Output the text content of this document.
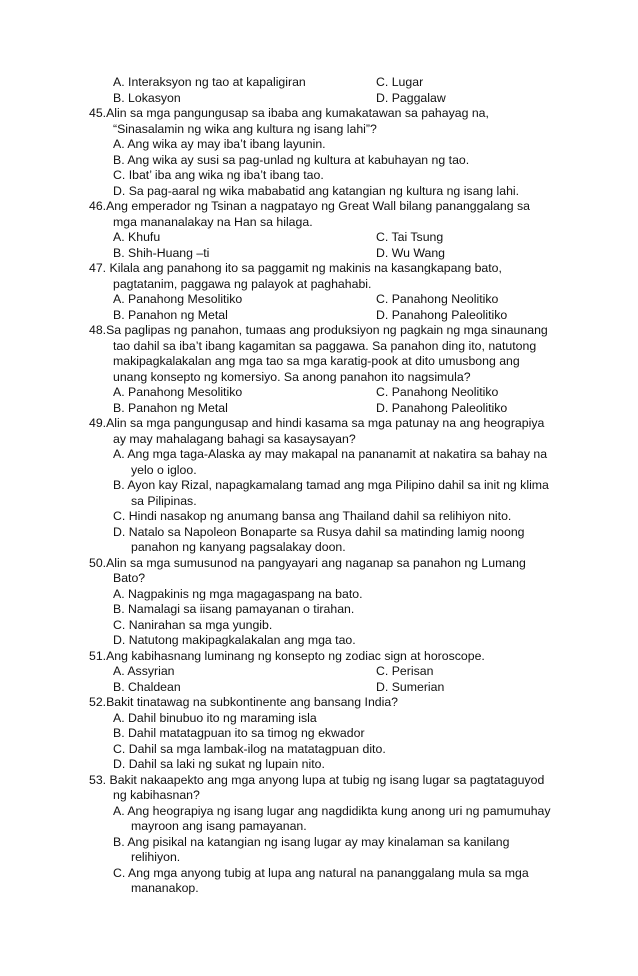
A. Interaksyon ng tao at kapaligiran	C. Lugar
B. Lokasyon	D. Paggalaw
45.Alin sa mga pangungusap sa ibaba ang kumakatawan sa pahayag na,
“Sinasalamin ng wika ang kultura ng isang lahi”?
A. Ang wika ay may iba’t ibang layunin.
B. Ang wika ay susi sa pag-unlad ng kultura at kabuhayan ng tao.
C. Ibat’ iba ang wika ng iba’t ibang tao.
D. Sa pag-aaral ng wika mababatid ang katangian ng kultura ng isang lahi.
46.Ang emperador ng Tsinan a nagpatayo ng Great Wall bilang pananggalang sa
mga mananalakay na Han sa hilaga.
A. Khufu	C. Tai Tsung
B. Shih-Huang –ti	D. Wu Wang
47. Kilala ang panahong ito sa paggamit ng makinis na kasangkapang bato,
pagtatanim, paggawa ng palayok at paghahabi.
A. Panahong Mesolitiko	C. Panahong Neolitiko
B. Panahon ng Metal	D. Panahong Paleolitiko
48.Sa paglipas ng panahon, tumaas ang produksiyon ng pagkain ng mga sinaunang
tao dahil sa iba’t ibang kagamitan sa paggawa. Sa panahon ding ito, natutong
makipagkalakalan ang mga tao sa mga karatig-pook at dito umusbong ang
unang konsepto ng komersiyo. Sa anong panahon ito nagsimula?
A. Panahong Mesolitiko	C. Panahong Neolitiko
B. Panahon ng Metal	D. Panahong Paleolitiko
49.Alin sa mga pangungusap and hindi kasama sa mga patunay na ang heograpiya
ay may mahalagang bahagi sa kasaysayan?
A. Ang mga taga-Alaska ay may makapal na pananamit at nakatira sa bahay na
yelo o igloo.
B. Ayon kay Rizal, napagkamalang tamad ang mga Pilipino dahil sa init ng klima
sa Pilipinas.
C. Hindi nasakop ng anumang bansa ang Thailand dahil sa relihiyon nito.
D. Natalo sa Napoleon Bonaparte sa Rusya dahil sa matinding lamig noong
panahon ng kanyang pagsalakay doon.
50.Alin sa mga sumusunod na pangyayari ang naganap sa panahon ng Lumang
Bato?
A. Nagpakinis ng mga magagaspang na bato.
B. Namalagi sa iisang pamayanan o tirahan.
C. Nanirahan sa mga yungib.
D. Natutong makipagkalakalan ang mga tao.
51.Ang kabihasnang luminang ng konsepto ng zodiac sign at horoscope.
A. Assyrian	C. Perisan
B. Chaldean	D. Sumerian
52.Bakit tinatawag na subkontinente ang bansang India?
A. Dahil binubuo ito ng maraming isla
B. Dahil matatagpuan ito sa timog ng ekwador
C. Dahil sa mga lambak-ilog na matatagpuan dito.
D. Dahil sa laki ng sukat ng lupain nito.
53. Bakit nakaapekto ang mga anyong lupa at tubig ng isang lugar sa pagtataguyod
ng kabihasnan?
A. Ang heograpiya ng isang lugar ang nagdidikta kung anong uri ng pamumuhay
mayroon ang isang pamayanan.
B. Ang pisikal na katangian ng isang lugar ay may kinalaman sa kanilang
relihiyon.
C. Ang mga anyong tubig at lupa ang natural na pananggalang mula sa mga
mananakop.
